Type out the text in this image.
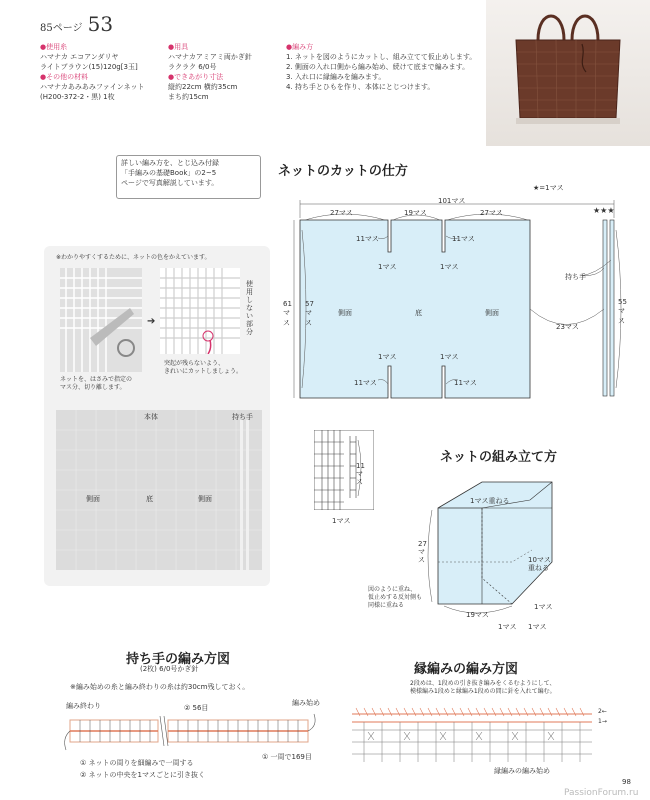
85ページ 53
●使用糸
ハマナカ エコアンダリヤ
ライトブラウン(15)120g[3玉]
●その他の材料
ハマナカあみあみファインネット
(H200-372-2・黒) 1枚
●用具
ハマナカアミアミ両かぎ針
ラクラク 6/0号
●できあがり寸法
縦約22cm 横約35cm
まち約15cm
●編み方
1. ネットを図のようにカットし、組み立てて仮止めします。
2. 側面の入れ口側から編み始め、続けて底まで編みます。
3. 入れ口に縁編みを編みます。
4. 持ち手とひもを作り、本体にとじつけます。
詳しい編み方を、とじ込み付録
「手編みの基礎Book」の2~5
ページで写真解説しています。
ネットのカットの仕方
★=1マス
★★★
101マス
27マス	19マス	27マス
11マス	11マス
1マス	1マス
1マス	1マス
11マス	11マス
61マス
57マス
側面	底	側面
持ち手
23マス
55マス
※わかりやすくするために、ネットの色をかえています。
➔
使用しない部分
ネットを、はさみで指定の
マス分、切り離します。
突起が残らないよう、
きれいにカットしましょう。
本体	持ち手
側面	底	側面
11マス
1マス
ネットの組み立て方
1マス重ねる
27マス	10マス
重ねる
図のように重ね、
仮止めする反対側も
同様に重ねる
19マス
1マス
1マス 1マス
持ち手の編み方図
(2枚) 6/0号かぎ針
※編み始めの糸と編み終わりの糸は約30cm残しておく。
編み終わり	② 56目
編み始め
① 一周で169目
① ネットの周りを細編みで一周する
② ネットの中央を1マスごとに引き抜く
縁編みの編み方図
2段めは、1段めの引き抜き編みをくるむようにして、
模様編み1段めと縁編み1段めの間に針を入れて編む。
2←
1→
縁編みの編み始め
98
PassionForum.ru
